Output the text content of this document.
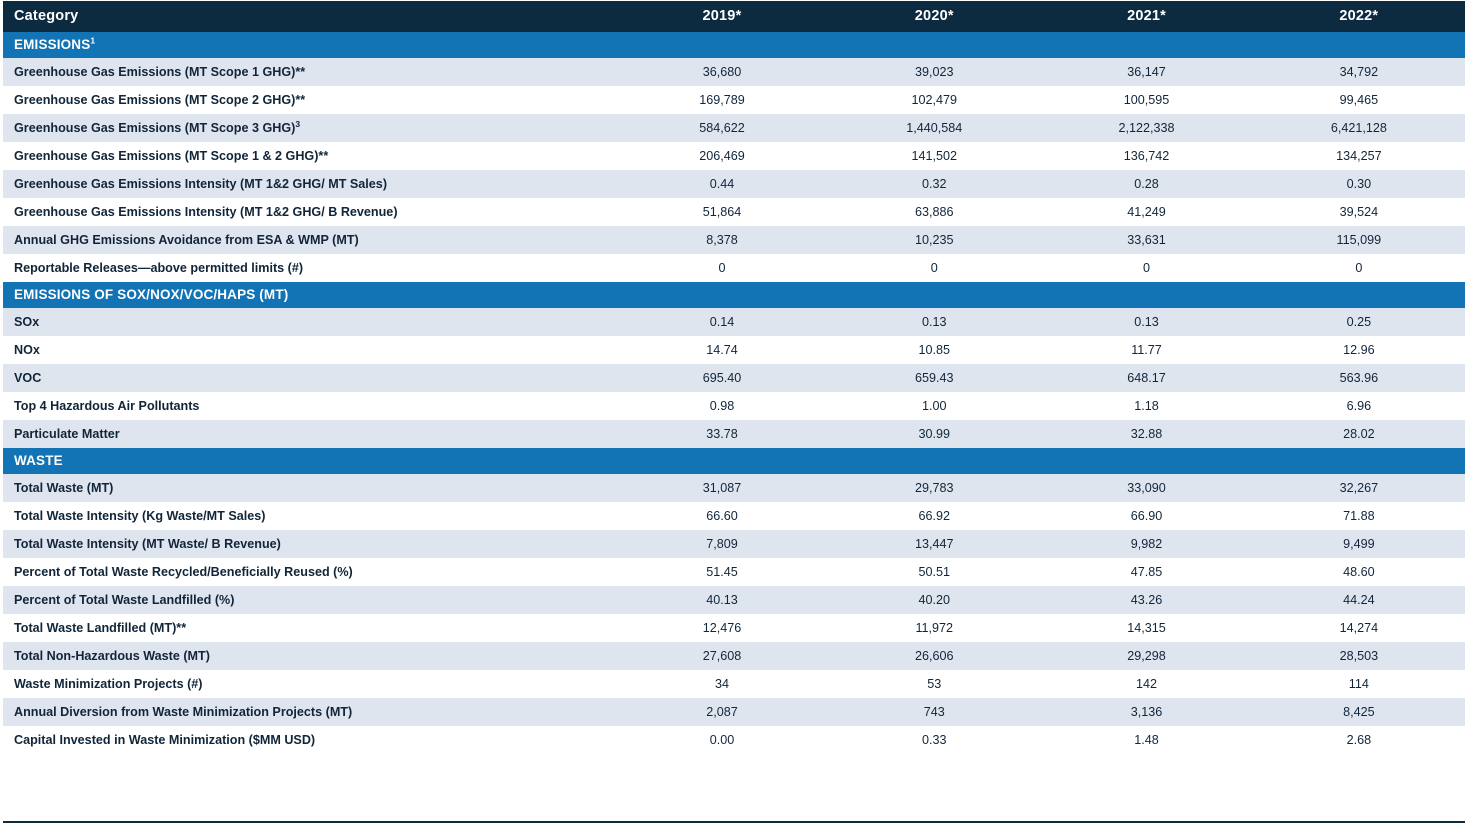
Category	2019*	2020*	2021*	2022*
EMISSIONS$^1$
Greenhouse Gas Emissions (MT Scope 1 GHG)**	36,680	39,023	36,147	34,792
Greenhouse Gas Emissions (MT Scope 2 GHG)**	169,789	102,479	100,595	99,465
Greenhouse Gas Emissions (MT Scope 3 GHG)$^3$	584,622	1,440,584	2,122,338	6,421,128
Greenhouse Gas Emissions (MT Scope 1 & 2 GHG)**	206,469	141,502	136,742	134,257
Greenhouse Gas Emissions Intensity (MT 1&2 GHG/ MT Sales)	0.44	0.32	0.28	0.30
Greenhouse Gas Emissions Intensity (MT 1&2 GHG/ B Revenue)	51,864	63,886	41,249	39,524
Annual GHG Emissions Avoidance from ESA & WMP (MT)	8,378	10,235	33,631	115,099
Reportable Releases—above permitted limits (#)	0	0	0	0
EMISSIONS OF SOX/NOX/VOC/HAPS (MT)				
SOx	0.14	0.13	0.13	0.25
NOx	14.74	10.85	11.77	12.96
VOC	695.40	659.43	648.17	563.96
Top 4 Hazardous Air Pollutants	0.98	1.00	1.18	6.96
Particulate Matter	33.78	30.99	32.88	28.02
WASTE				
Total Waste (MT)	31,087	29,783	33,090	32,267
Total Waste Intensity (Kg Waste/MT Sales)	66.60	66.92	66.90	71.88
Total Waste Intensity (MT Waste/ B Revenue)	7,809	13,447	9,982	9,499
Percent of Total Waste Recycled/Beneficially Reused (%)	51.45	50.51	47.85	48.60
Percent of Total Waste Landfilled (%)	40.13	40.20	43.26	44.24
Total Waste Landfilled (MT)**	12,476	11,972	14,315	14,274
Total Non-Hazardous Waste (MT)	27,608	26,606	29,298	28,503
Waste Minimization Projects (#)	34	53	142	114
Annual Diversion from Waste Minimization Projects (MT)	2,087	743	3,136	8,425
Capital Invested in Waste Minimization ($MM USD)	0.00	0.33	1.48	2.68
